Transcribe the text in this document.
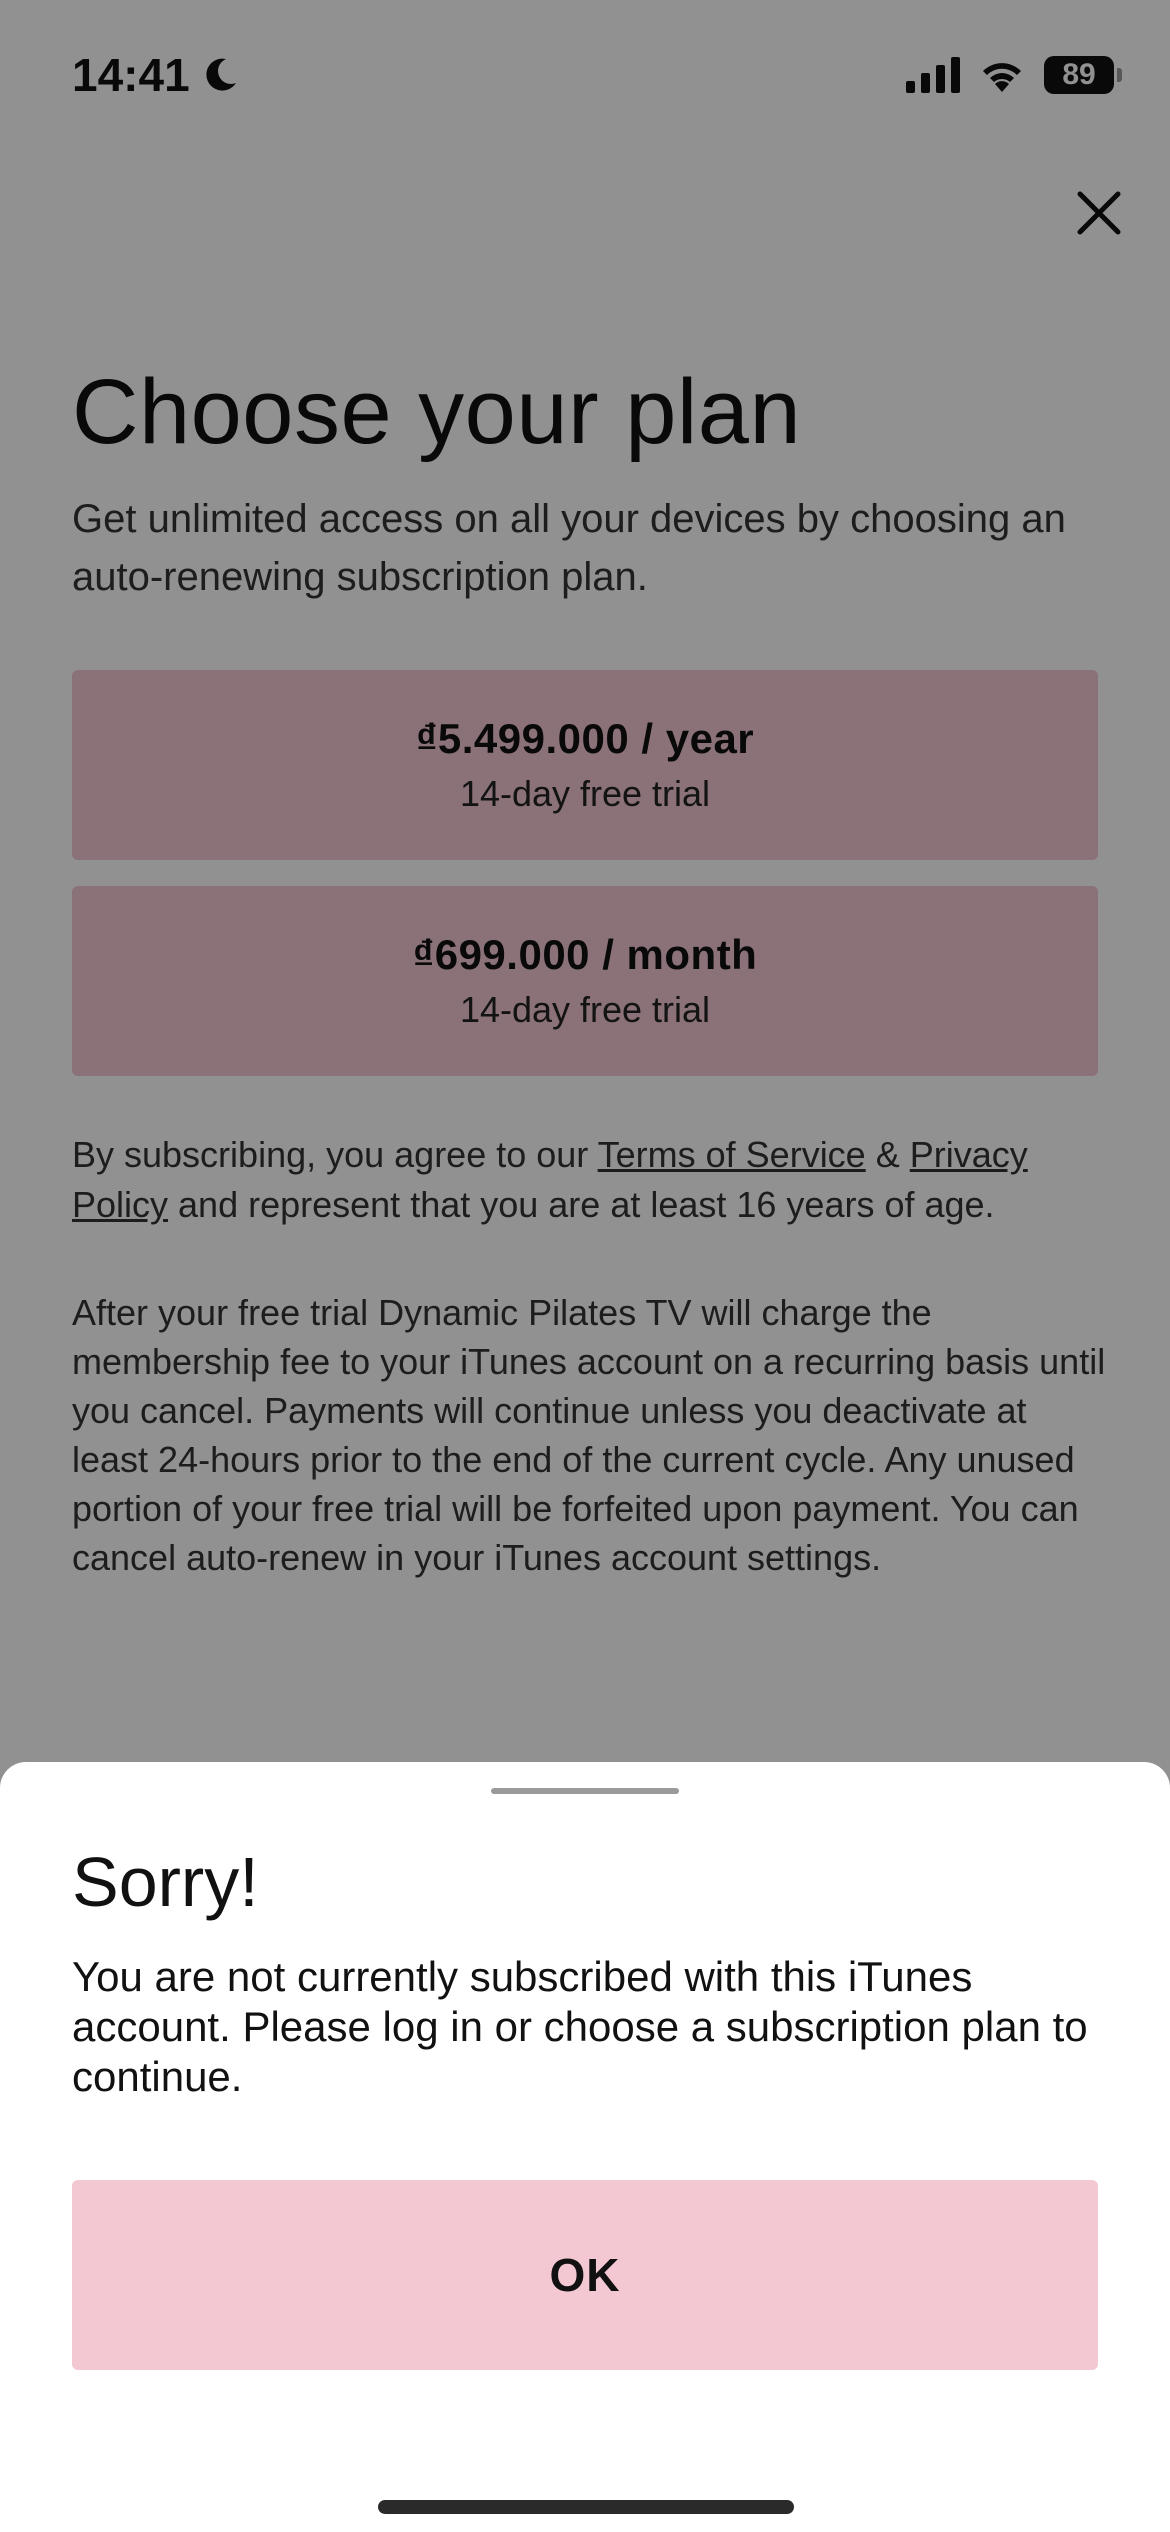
14:41	89
Choose your plan

Get unlimited access on all your devices by choosing an auto-renewing subscription plan.

₫5.499.000 / year
14-day free trial
₫699.000 / month
14-day free trial

By subscribing, you agree to our Terms of Service & Privacy Policy and represent that you are at least 16 years of age.

After your free trial Dynamic Pilates TV will charge the membership fee to your iTunes account on a recurring basis until you cancel. Payments will continue unless you deactivate at least 24-hours prior to the end of the current cycle. Any unused portion of your free trial will be forfeited upon payment. You can cancel auto-renew in your iTunes account settings.

Sorry!

You are not currently subscribed with this iTunes account. Please log in or choose a subscription plan to continue.

OK
